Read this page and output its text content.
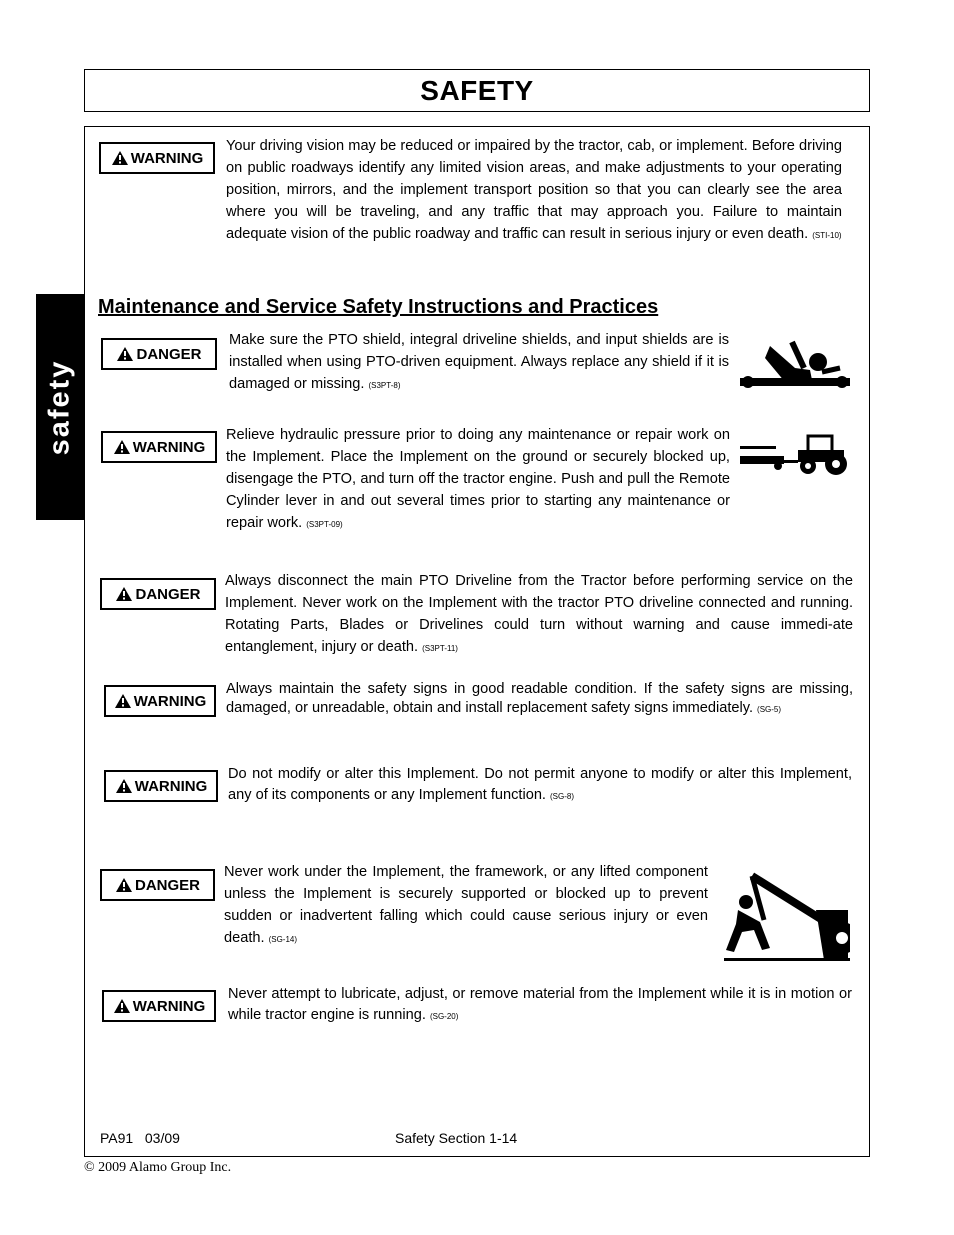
SAFETY
safety
WARNING
Your driving vision may be reduced or impaired by the tractor, cab, or implement. Before driving on public roadways identify any limited vision areas, and make adjustments to your operating position, mirrors, and the implement transport position so that you can clearly see the area where you will be traveling, and any traffic that may approach you. Failure to maintain adequate vision of the public roadway and traffic can result in serious injury or even death. (STI-10)
Maintenance and Service Safety Instructions and Practices
DANGER
Make sure the PTO shield, integral driveline shields, and input shields are is installed when using PTO-driven equipment. Always replace any shield if it is damaged or missing. (S3PT-8)
WARNING
Relieve hydraulic pressure prior to doing any maintenance or repair work on the Implement. Place the Implement on the ground or securely blocked up, disengage the PTO, and turn off the tractor engine. Push and pull the Remote Cylinder lever in and out several times prior to starting any maintenance or repair work. (S3PT-09)
DANGER
Always disconnect the main PTO Driveline from the Tractor before performing service on the Implement. Never work on the Implement with the tractor PTO driveline connected and running. Rotating Parts, Blades or Drivelines could turn without warning and cause immedi-ate entanglement, injury or death. (S3PT-11)
WARNING
Always maintain the safety signs in good readable condition. If the safety signs are missing, damaged, or unreadable, obtain and install replacement safety signs immediately. (SG-5)
WARNING
Do not modify or alter this Implement. Do not permit anyone to modify or alter this Implement, any of its components or any Implement function. (SG-8)
DANGER
Never work under the Implement, the framework, or any lifted component unless the Implement is securely supported or blocked up to prevent sudden or inadvertent falling which could cause serious injury or even death. (SG-14)
WARNING
Never attempt to lubricate, adjust, or remove material from the Implement while it is in motion or while tractor engine is running. (SG-20)
PA91   03/09	Safety Section 1-14
© 2009 Alamo Group Inc.
